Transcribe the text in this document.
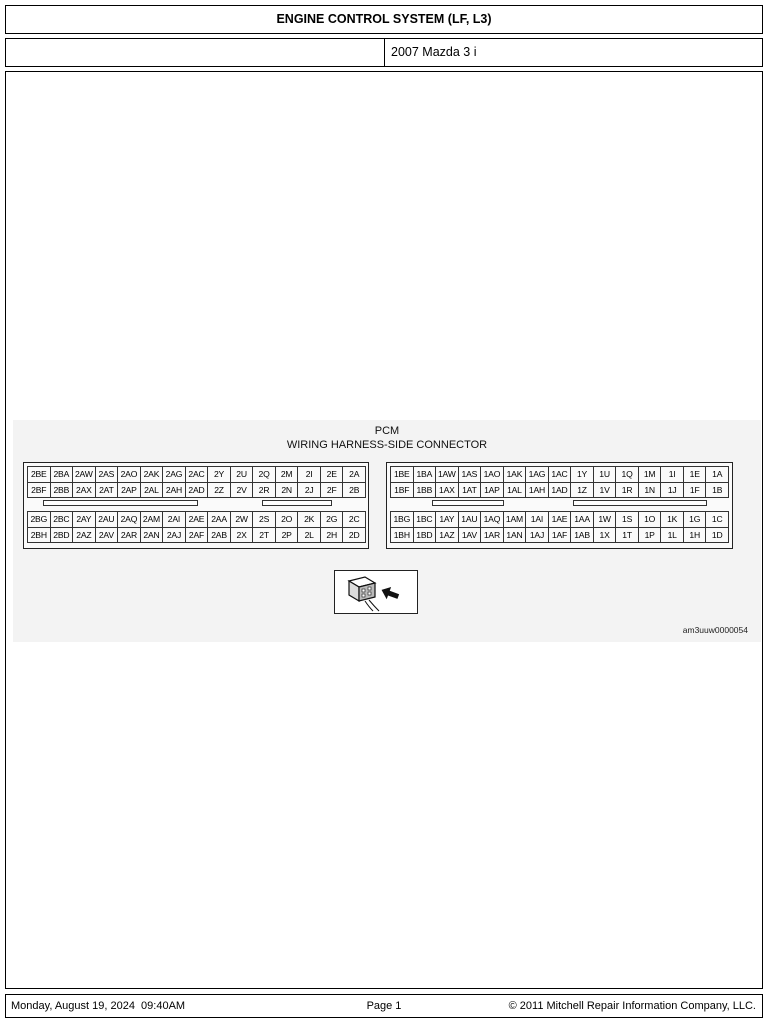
ENGINE CONTROL SYSTEM (LF, L3)
2007 Mazda 3 i
PCM
WIRING HARNESS-SIDE CONNECTOR
2BE 2BA 2AW 2AS 2AO 2AK 2AG 2AC	2Y	2U	2Q	2M	2I	2E	2A
2BF 2BB 2AX 2AT 2AP 2AL 2AH 2AD	2Z	2V	2R	2N	2J	2F	2B
2BG 2BC 2AY 2AU 2AQ 2AM 2AI 2AE 2AA 2W	2S	2O	2K	2G	2C
2BH 2BD 2AZ 2AV 2AR 2AN 2AJ 2AF 2AB	2X	2T	2P	2L	2H	2D
1BE 1BA 1AW 1AS 1AO 1AK 1AG 1AC	1Y	1U	1Q	1M	1I	1E	1A
1BF 1BB 1AX 1AT 1AP 1AL 1AH 1AD	1Z	1V	1R	1N	1J	1F	1B
1BG 1BC 1AY 1AU 1AQ 1AM 1AI 1AE 1AA 1W	1S	1O	1K	1G	1C
1BH 1BD 1AZ 1AV 1AR 1AN 1AJ 1AF 1AB	1X	1T	1P	1L	1H	1D
am3uuw0000054
Page 1
Monday, August 19, 2024  09:40AM	© 2011 Mitchell Repair Information Company, LLC.
